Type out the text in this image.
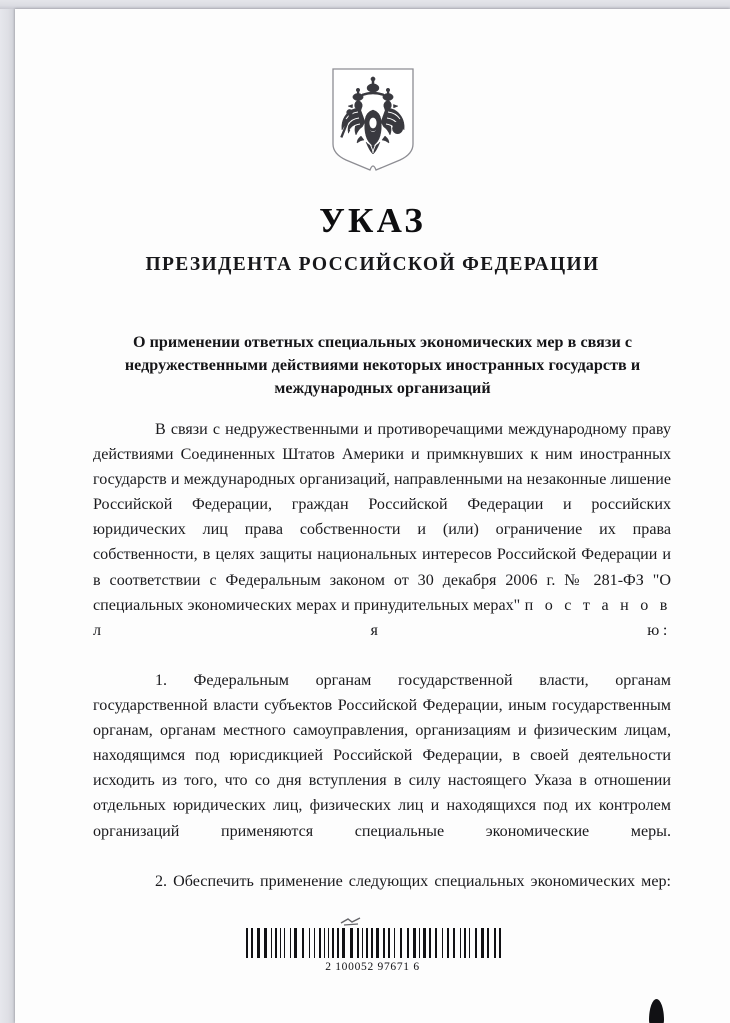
УКАЗ
ПРЕЗИДЕНТА РОССИЙСКОЙ ФЕДЕРАЦИИ
О применении ответных специальных экономических мер в связи с недружественными действиями некоторых иностранных государств и международных организаций

В связи с недружественными и противоречащими международному праву действиями Соединенных Штатов Америки и примкнувших к ним иностранных государств и международных организаций, направленными на незаконные лишение Российской Федерации, граждан Российской Федерации и российских юридических лиц права собственности и (или) ограничение их права собственности, в целях защиты национальных интересов Российской Федерации и в соответствии с Федеральным законом от 30 декабря 2006 г. № 281-ФЗ "О специальных экономических мерах и принудительных мерах" п о с т а н о в л я ю:

1. Федеральным органам государственной власти, органам государственной власти субъектов Российской Федерации, иным государственным органам, органам местного самоуправления, организациям и физическим лицам, находящимся под юрисдикцией Российской Федерации, в своей деятельности исходить из того, что со дня вступления в силу настоящего Указа в отношении отдельных юридических лиц, физических лиц и находящихся под их контролем организаций применяются специальные экономические меры.

2. Обеспечить применение следующих специальных экономических мер:

2 100052 97671 6
